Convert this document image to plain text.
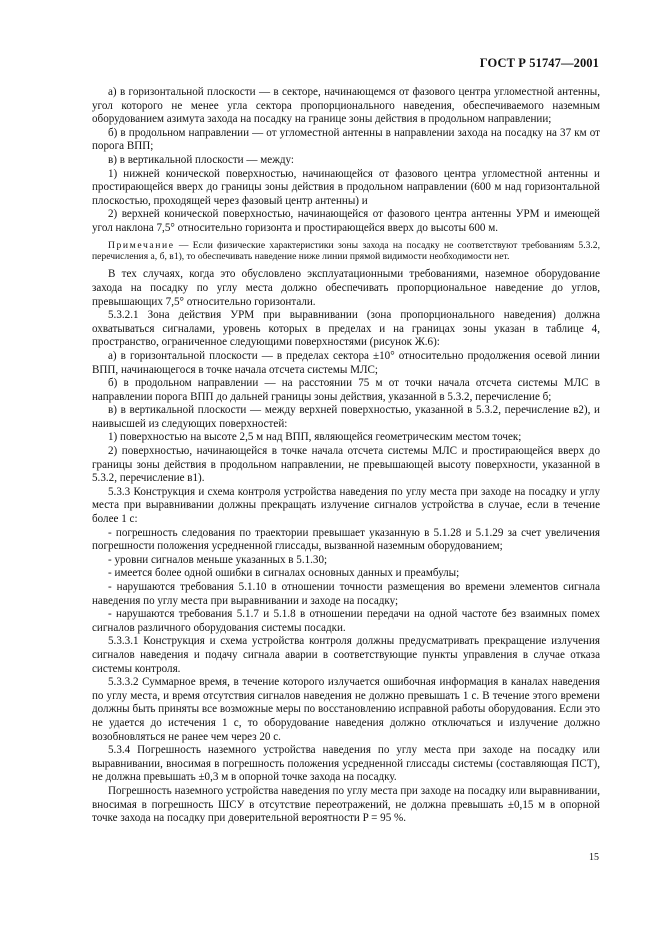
ГОСТ Р 51747—2001

а) в горизонтальной плоскости — в секторе, начинающемся от фазового центра угломестной антенны, угол которого не менее угла сектора пропорционального наведения, обеспечиваемого наземным оборудованием азимута захода на посадку на границе зоны действия в продольном направлении;

б) в продольном направлении — от угломестной антенны в направлении захода на посадку на 37 км от порога ВПП;

в) в вертикальной плоскости — между:

1) нижней конической поверхностью, начинающейся от фазового центра угломестной антенны и простирающейся вверх до границы зоны действия в продольном направлении (600 м над горизонтальной плоскостью, проходящей через фазовый центр антенны) и

2) верхней конической поверхностью, начинающейся от фазового центра антенны УРМ и имеющей угол наклона 7,5° относительно горизонта и простирающейся вверх до высоты 600 м.

Примечание — Если физические характеристики зоны захода на посадку не соответствуют требованиям 5.3.2, перечисления а, б, в1), то обеспечивать наведение ниже линии прямой видимости необходимости нет.

В тех случаях, когда это обусловлено эксплуатационными требованиями, наземное оборудование захода на посадку по углу места должно обеспечивать пропорциональное наведение до углов, превышающих 7,5° относительно горизонтали.

5.3.2.1 Зона действия УРМ при выравнивании (зона пропорционального наведения) должна охватываться сигналами, уровень которых в пределах и на границах зоны указан в таблице 4, пространство, ограниченное следующими поверхностями (рисунок Ж.6):

а) в горизонтальной плоскости — в пределах сектора ±10° относительно продолжения осевой линии ВПП, начинающегося в точке начала отсчета системы МЛС;

б) в продольном направлении — на расстоянии 75 м от точки начала отсчета системы МЛС в направлении порога ВПП до дальней границы зоны действия, указанной в 5.3.2, перечисление б;

в) в вертикальной плоскости — между верхней поверхностью, указанной в 5.3.2, перечисление в2), и наивысшей из следующих поверхностей:

1) поверхностью на высоте 2,5 м над ВПП, являющейся геометрическим местом точек;

2) поверхностью, начинающейся в точке начала отсчета системы МЛС и простирающейся вверх до границы зоны действия в продольном направлении, не превышающей высоту поверхности, указанной в 5.3.2, перечисление в1).

5.3.3 Конструкция и схема контроля устройства наведения по углу места при заходе на посадку и углу места при выравнивании должны прекращать излучение сигналов устройства в случае, если в течение более 1 с:

- погрешность следования по траектории превышает указанную в 5.1.28 и 5.1.29 за счет увеличения погрешности положения усредненной глиссады, вызванной наземным оборудованием;

- уровни сигналов меньше указанных в 5.1.30;

- имеется более одной ошибки в сигналах основных данных и преамбулы;

- нарушаются требования 5.1.10 в отношении точности размещения во времени элементов сигнала наведения по углу места при выравнивании и заходе на посадку;

- нарушаются требования 5.1.7 и 5.1.8 в отношении передачи на одной частоте без взаимных помех сигналов различного оборудования системы посадки.

5.3.3.1 Конструкция и схема устройства контроля должны предусматривать прекращение излучения сигналов наведения и подачу сигнала аварии в соответствующие пункты управления в случае отказа системы контроля.

5.3.3.2 Суммарное время, в течение которого излучается ошибочная информация в каналах наведения по углу места, и время отсутствия сигналов наведения не должно превышать 1 с. В течение этого времени должны быть приняты все возможные меры по восстановлению исправной работы оборудования. Если это не удается до истечения 1 с, то оборудование наведения должно отключаться и излучение должно возобновляться не ранее чем через 20 с.

5.3.4 Погрешность наземного устройства наведения по углу места при заходе на посадку или выравнивании, вносимая в погрешность положения усредненной глиссады системы (составляющая ПСТ), не должна превышать ±0,3 м в опорной точке захода на посадку.

Погрешность наземного устройства наведения по углу места при заходе на посадку или выравнивании, вносимая в погрешность ШСУ в отсутствие переотражений, не должна превышать ±0,15 м в опорной точке захода на посадку при доверительной вероятности P = 95 %.

15
